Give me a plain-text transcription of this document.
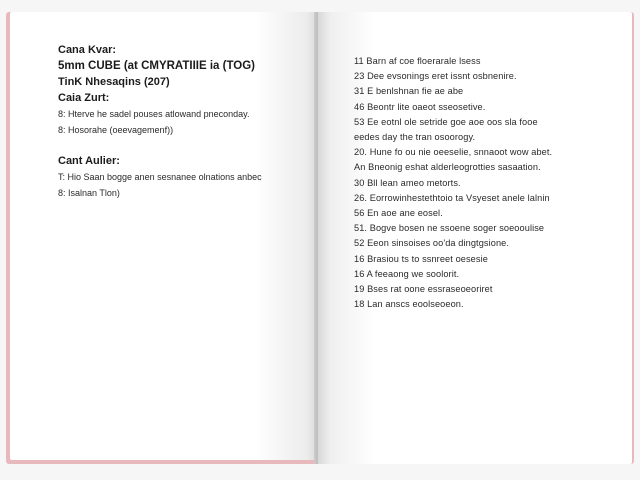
Cana Kvar:
5mm CUBE (at CMYRATIIIE ia (TOG)
TinK Nhesaqins (207)
Caia Zurt:
8: Hterve he sadel pouses atlowand pneconday.
8: Hosorahe (oeevagemenf))
Cant Aulier:
T: Hio Saan bogge anen sesnanee olnations anbec
8: Isalnan Tlon)
11 Barn af coe floerarale lsess
23 Dee evsonings eret issnt osbnenire.
31 E benlshnan fie ae abe
46 Beontr lite oaeot sseosetive.
53 Ee eotnl ole setride goe aoe oos sla fooe
eedes day the tran osoorogy.
20. Hune fo ou nie oeeselie, snnaoot wow abet.
An Bneonig eshat alderleogrotties sasaation.
30 Bll lean ameo metorts.
26. Eorrowinhestethtoio ta Vsyeset anele lalnin
56 En aoe ane eosel.
51. Bogve bosen ne ssoene soger soeooulise
52 Eeon sinsoises oo'da dingtgsione.
16 Brasiou ts to ssnreet oesesie
16 A feeaong we soolorit.
19 Bses rat oone essraseoeoriret
18 Lan anscs eoolseoeon.
